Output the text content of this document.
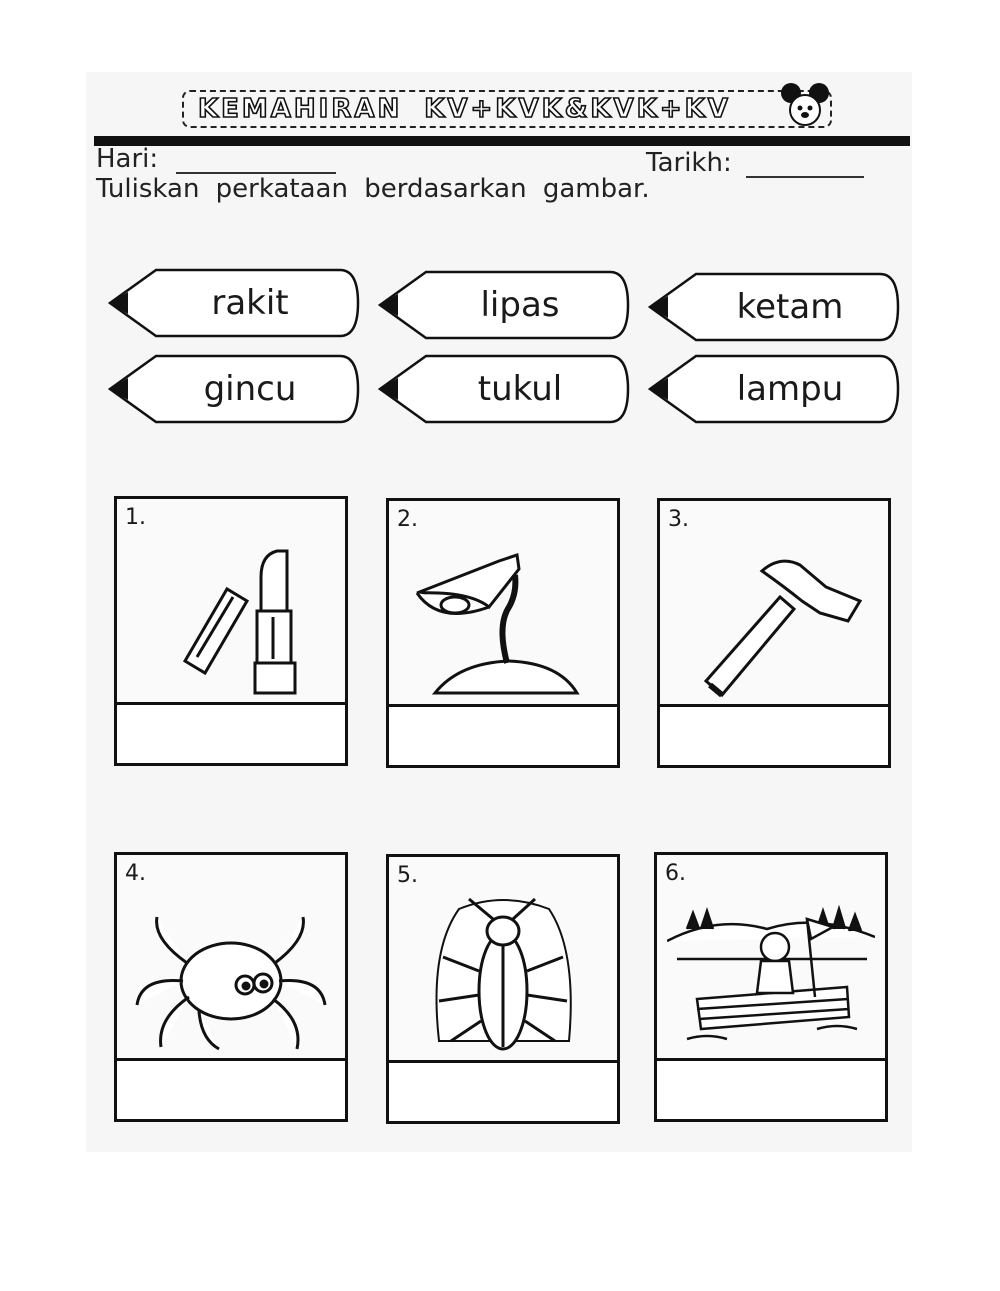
KEMAHIRAN KV+KVK&KVK+KV
Hari:	Tarikh:
Tuliskan perkataan berdasarkan gambar.
rakit	lipas	ketam
gincu	tukul	lampu
1.	2.	3.
4.	5.	6.
